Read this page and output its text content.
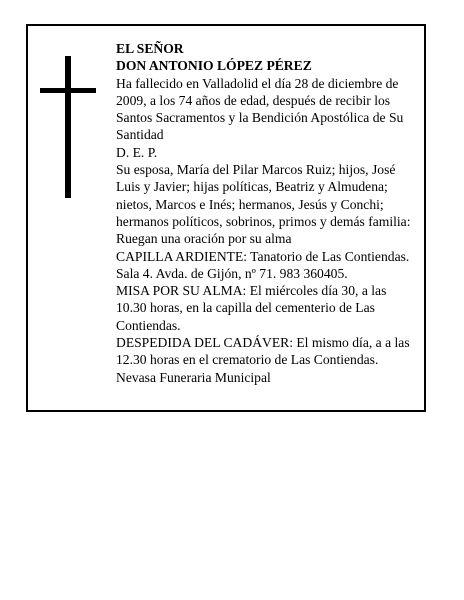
EL SEÑOR
DON ANTONIO LÓPEZ PÉREZ
Ha fallecido en Valladolid el día 28 de diciembre de 2009, a los 74 años de edad, después de recibir los Santos Sacramentos y la Bendición Apostólica de Su Santidad
D. E. P.
Su esposa, María del Pilar Marcos Ruiz; hijos, José Luis y Javier; hijas políticas, Beatriz y Almudena; nietos, Marcos e Inés; hermanos, Jesús y Conchi; hermanos políticos, sobrinos, primos y demás familia:
Ruegan una oración por su alma
CAPILLA ARDIENTE: Tanatorio de Las Contiendas. Sala 4. Avda. de Gijón, nº 71. 983 360405.
MISA POR SU ALMA: El miércoles día 30, a las 10.30 horas, en la capilla del cementerio de Las Contiendas.
DESPEDIDA DEL CADÁVER: El mismo día, a a las 12.30 horas en el crematorio de Las Contiendas.
Nevasa Funeraria Municipal
